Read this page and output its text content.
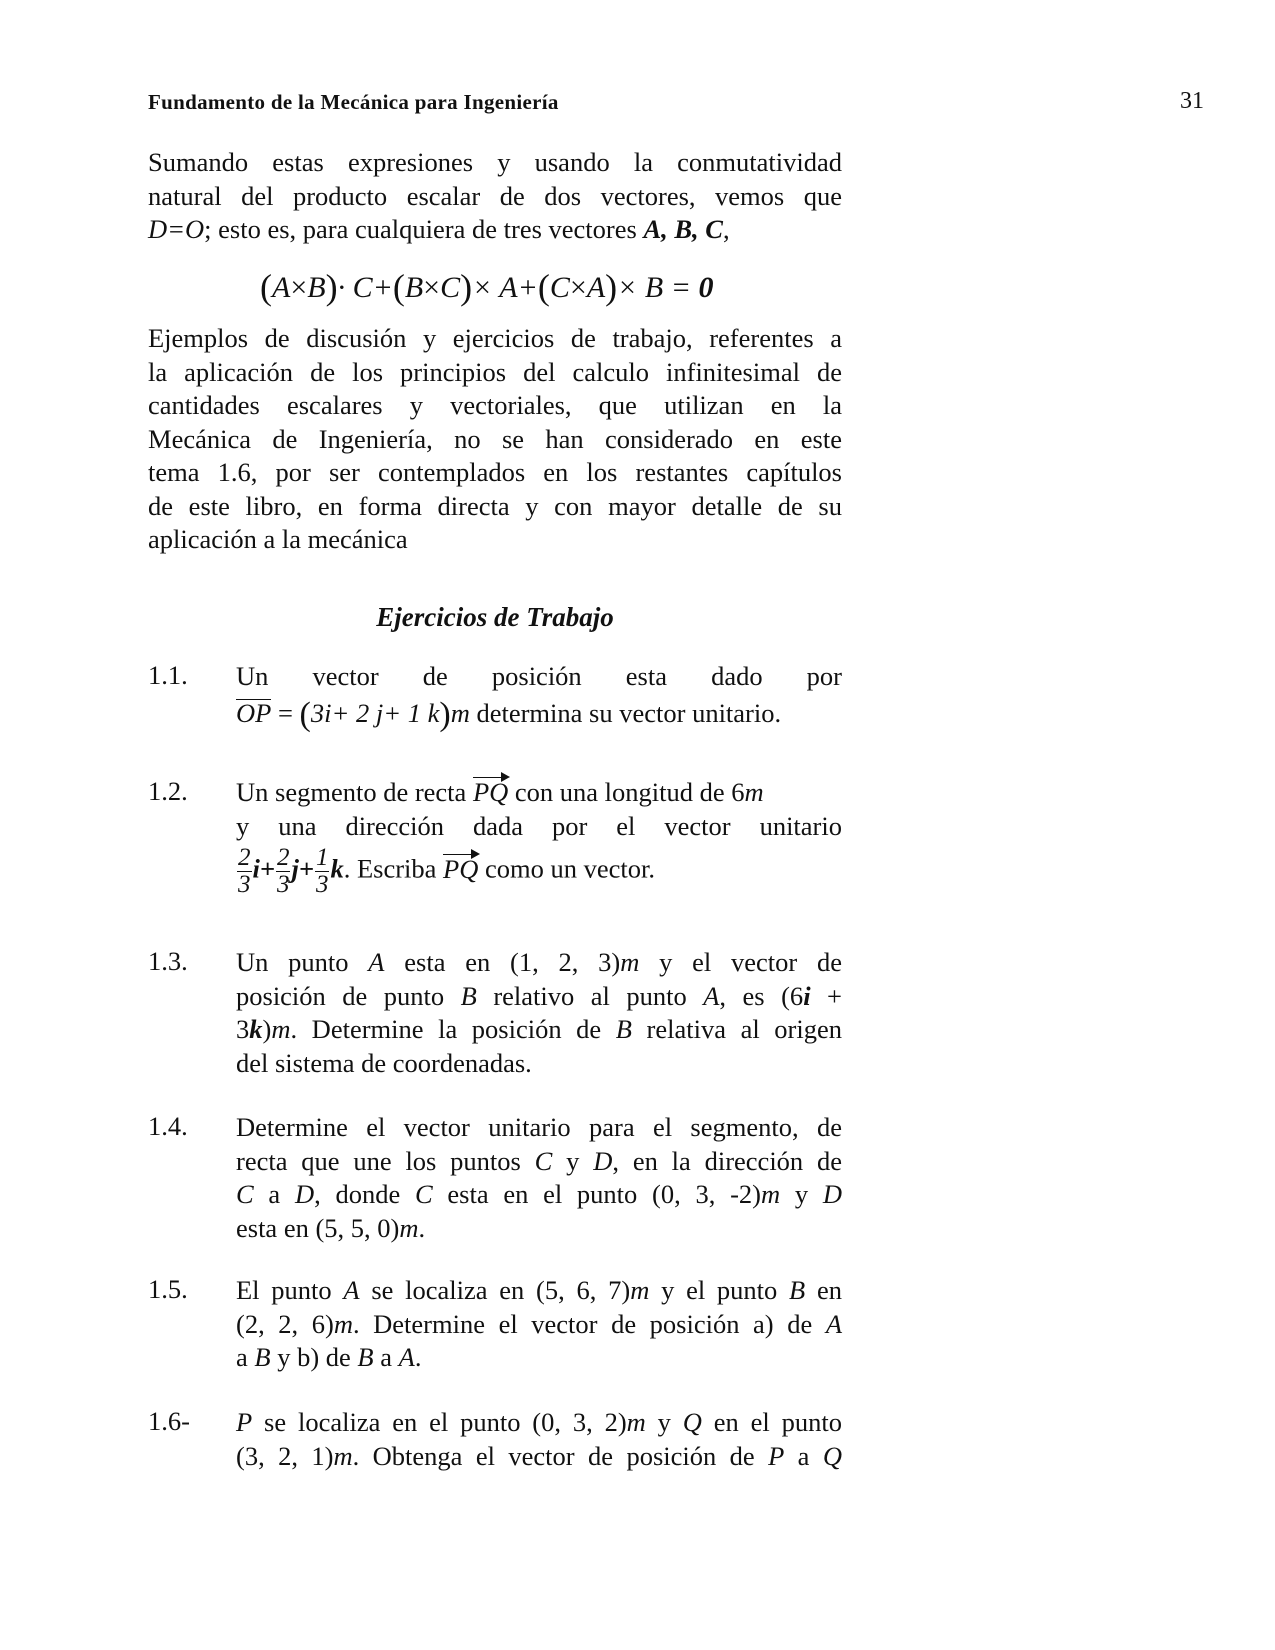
Fundamento de la Mecánica para Ingeniería	31
Sumando estas expresiones y usando la conmutatividad
natural del producto escalar de dos vectores, vemos que
D=O; esto es, para cualquiera de tres vectores A, B, C,
(A×B)· C+(B×C)× A+(C×A)× B = 0
Ejemplos de discusión y ejercicios de trabajo, referentes a
la aplicación de los principios del calculo infinitesimal de
cantidades escalares y vectoriales, que utilizan en la
Mecánica de Ingeniería, no se han considerado en este
tema 1.6, por ser contemplados en los restantes capítulos
de este libro, en forma directa y con mayor detalle de su
aplicación a la mecánica
Ejercicios de Trabajo
1.1. Un vector de posición esta dado por
OP = (3i+ 2 j+ 1 k)m determina su vector unitario.
1.2. Un segmento de recta PQ con una longitud de 6m
y una dirección dada por el vector unitario
$\frac{2}{3} i+ \frac{2}{3} j+ \frac{1}{3} k$. Escriba PQ como un vector.
1.3. Un punto A esta en (1, 2, 3)m y el vector de
posición de punto B relativo al punto A, es (6i +
3k)m. Determine la posición de B relativa al origen
del sistema de coordenadas.
1.4. Determine el vector unitario para el segmento, de
recta que une los puntos C y D, en la dirección de
C a D, donde C esta en el punto (0, 3, -2)m y D
esta en (5, 5, 0)m.
1.5. El punto A se localiza en (5, 6, 7)m y el punto B en
(2, 2, 6)m. Determine el vector de posición a) de A
a B y b) de B a A.
1.6- P se localiza en el punto (0, 3, 2)m y Q en el punto
(3, 2, 1)m. Obtenga el vector de posición de P a Q
